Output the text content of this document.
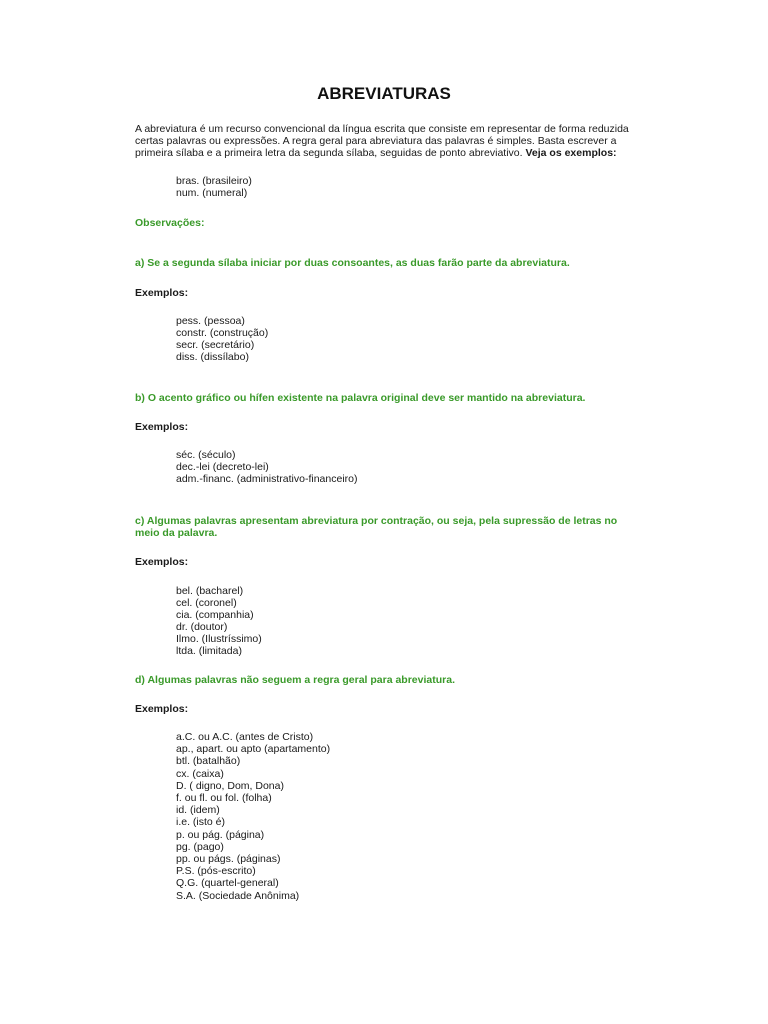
ABREVIATURAS
A abreviatura é um recurso convencional da língua escrita que consiste em representar de forma reduzida certas palavras ou expressões. A regra geral para abreviatura das palavras é simples. Basta escrever a primeira sílaba e a primeira letra da segunda sílaba, seguidas de ponto abreviativo. Veja os exemplos:
bras. (brasileiro)
num. (numeral)
Observações:
a) Se a segunda sílaba iniciar por duas consoantes, as duas farão parte da abreviatura.
Exemplos:
pess. (pessoa)
constr. (construção)
secr. (secretário)
diss. (dissílabo)
b) O acento gráfico ou hífen existente na palavra original deve ser mantido na abreviatura.
Exemplos:
séc. (século)
dec.-lei (decreto-lei)
adm.-financ. (administrativo-financeiro)
c) Algumas palavras apresentam abreviatura por contração, ou seja, pela supressão de letras no meio da palavra.
Exemplos:
bel. (bacharel)
cel. (coronel)
cia. (companhia)
dr. (doutor)
Ilmo. (Ilustríssimo)
ltda. (limitada)
d) Algumas palavras não seguem a regra geral para abreviatura.
Exemplos:
a.C. ou A.C. (antes de Cristo)
ap., apart. ou apto (apartamento)
btl. (batalhão)
cx. (caixa)
D. ( digno, Dom, Dona)
f. ou fl. ou fol. (folha)
id. (idem)
i.e. (isto é)
p. ou pág. (página)
pg. (pago)
pp. ou págs. (páginas)
P.S. (pós-escrito)
Q.G. (quartel-general)
S.A. (Sociedade Anônima)
